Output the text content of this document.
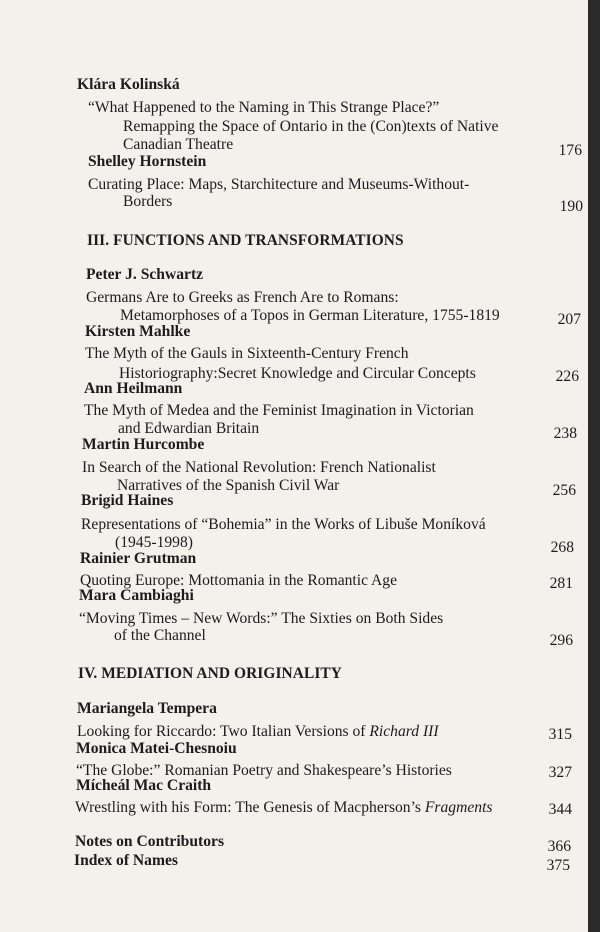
Klára Kolinská
“What Happened to the Naming in This Strange Place?”
Remapping the Space of Ontario in the (Con)texts of Native
Canadian Theatre	176
Shelley Hornstein
Curating Place: Maps, Starchitecture and Museums-Without-
Borders	190
III. FUNCTIONS AND TRANSFORMATIONS
Peter J. Schwartz
Germans Are to Greeks as French Are to Romans:
Metamorphoses of a Topos in German Literature, 1755-1819	207
Kirsten Mahlke
The Myth of the Gauls in Sixteenth-Century French
Historiography:Secret Knowledge and Circular Concepts	226
Ann Heilmann
The Myth of Medea and the Feminist Imagination in Victorian
and Edwardian Britain	238
Martin Hurcombe
In Search of the National Revolution: French Nationalist
Narratives of the Spanish Civil War	256
Brigid Haines
Representations of “Bohemia” in the Works of Libuše Moníková
(1945-1998)	268
Rainier Grutman
Quoting Europe: Mottomania in the Romantic Age	281
Mara Cambiaghi
“Moving Times – New Words:” The Sixties on Both Sides
of the Channel	296
IV. MEDIATION AND ORIGINALITY
Mariangela Tempera
Looking for Riccardo: Two Italian Versions of Richard III	315
Monica Matei-Chesnoiu
“The Globe:” Romanian Poetry and Shakespeare’s Histories	327
Mícheál Mac Craith
Wrestling with his Form: The Genesis of Macpherson’s Fragments	344
Notes on Contributors	366
Index of Names	375
